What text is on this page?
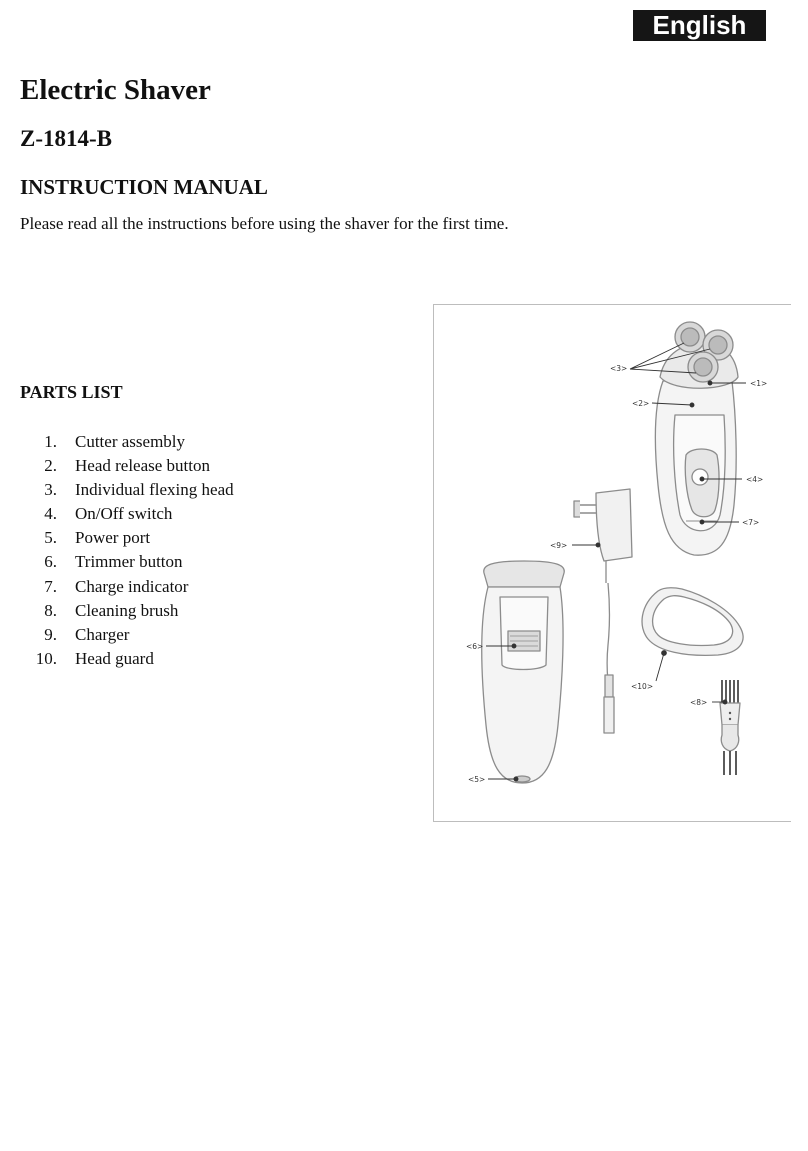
English
Electric Shaver
Z-1814-B
INSTRUCTION MANUAL

Please read all the instructions before using the shaver for the first time.

PARTS LIST
1. Cutter assembly
2. Head release button
3. Individual flexing head
4. On/Off switch
5. Power port
6. Trimmer button
7. Charge indicator
8. Cleaning brush
9. Charger
10. Head guard
<3>
<1>
<2>
<4>
<7>
<9>
<6>
<10>
<8>
<5>
